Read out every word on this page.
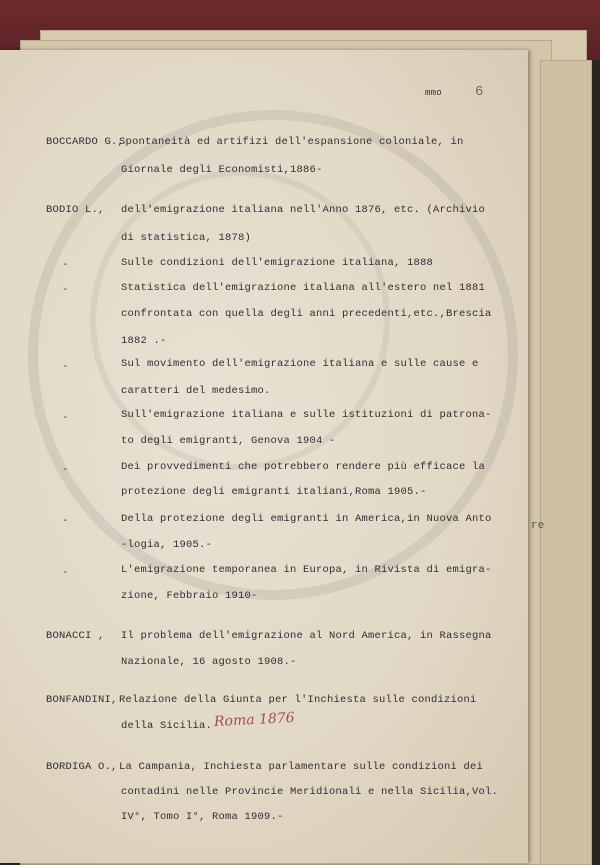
re
mmo 6
BOCCARDO G.,
Spontaneità ed artifizi dell'espansione coloniale, in
Giornale degli Economisti,1886-
BODIO L., dell'emigrazione italiana nell'Anno 1876, etc. (Archivio
di statistica, 1878)
-	Sulle condizioni dell'emigrazione italiana, 1888
-	Statistica dell'emigrazione italiana all'estero nel 1881
confrontata con quella degli anni precedenti,etc.,Brescia
1882 .-
-	Sul movimento dell'emigrazione italiana e sulle cause e
caratteri del medesimo.
-	Sull'emigrazione italiana e sulle istituzioni di patrona-
to degli emigranti, Genova 1904 -
-	Dei provvedimenti che potrebbero rendere più efficace la
protezione degli emigranti italiani,Roma 1905.-
-	Della protezione degli emigranti in America,in Nuova Anto
-logia, 1905.-
-	L'emigrazione temporanea in Europa, in Rivista di emigra-
zione, Febbraio 1910-
BONACCI , Il problema dell'emigrazione al Nord America, in Rassegna
Nazionale, 16 agosto 1908.-
BONFANDINI, Relazione della Giunta per l'Inchiesta sulle condizioni
della Sicilia. Roma 1876
BORDIGA O., La Campania, Inchiesta parlamentare sulle condizioni dei
contadini nelle Provincie Meridionali e nella Sicilia,Vol.
IV°, Tomo I°, Roma 1909.-
